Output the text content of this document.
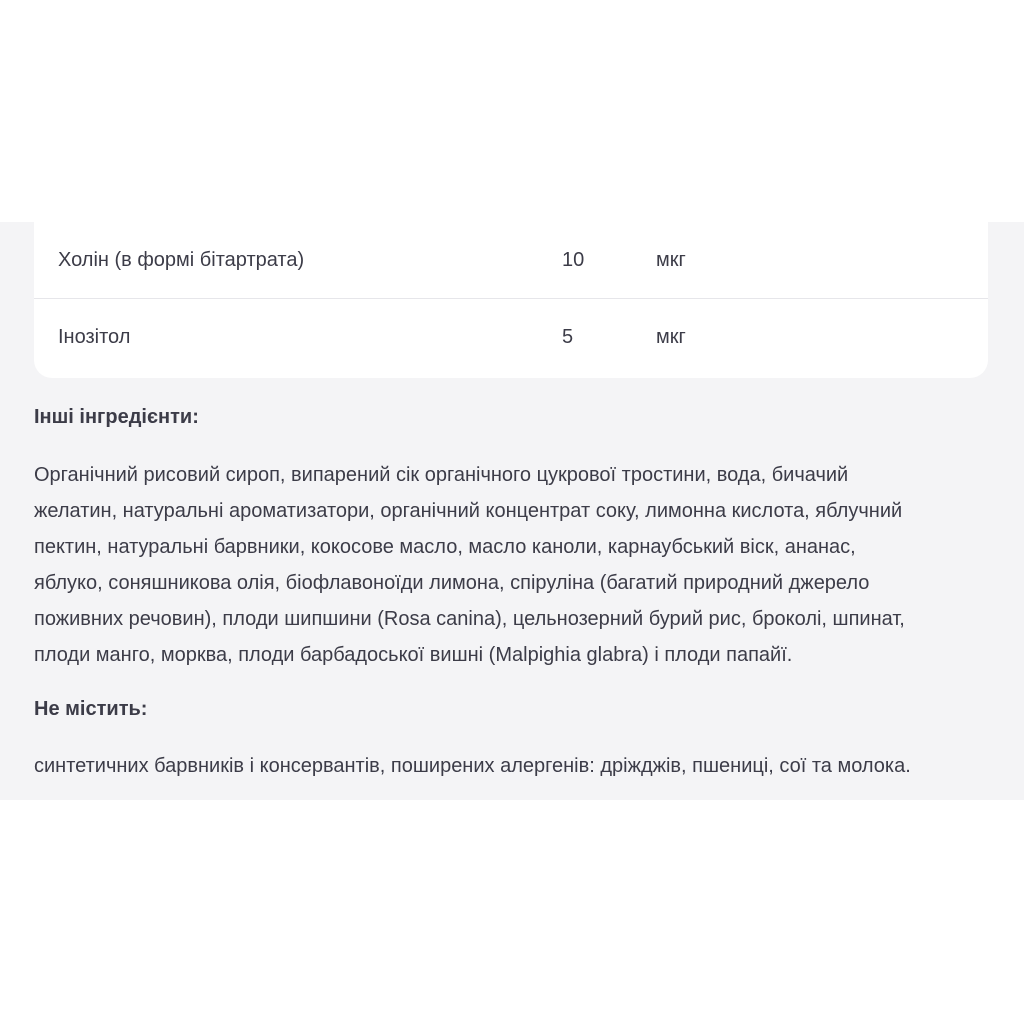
Холін (в формі бітартрата)	10	мкг
Інозітол	5	мкг
Інші інгредієнти:
Органічний рисовий сироп, випарений сік органічного цукрової тростини, вода, бичачий
желатин, натуральні ароматизатори, органічний концентрат соку, лимонна кислота, яблучний
пектин, натуральні барвники, кокосове масло, масло каноли, карнаубський віск, ананас,
яблуко, соняшникова олія, біофлавоноїди лимона, спіруліна (багатий природний джерело
поживних речовин), плоди шипшини (Rosa canina), цельнозерний бурий рис, броколі, шпинат,
плоди манго, морква, плоди барбадоської вишні (Malpighia glabra) і плоди папайї.
Не містить:
синтетичних барвників і консервантів, поширених алергенів: дріжджів, пшениці, сої та молока.
